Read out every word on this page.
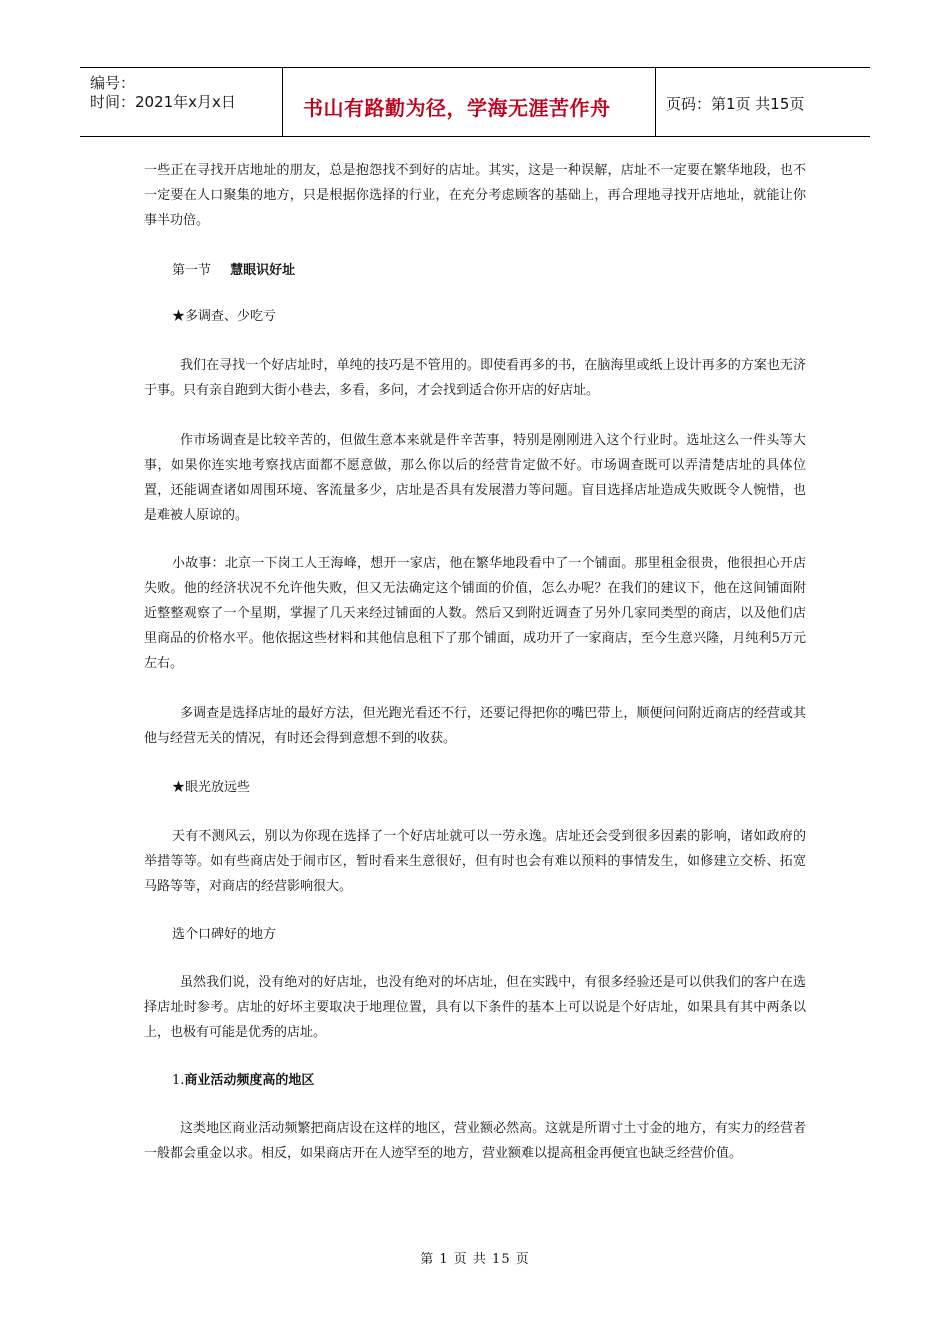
编号：
时间：2021年x月x日	书山有路勤为径，学海无涯苦作舟	页码：第1页 共15页

一些正在寻找开店地址的朋友，总是抱怨找不到好的店址。其实，这是一种误解，店址不一定要在繁华地段，也不一定要在人口聚集的地方，只是根据你选择的行业，在充分考虑顾客的基础上，再合理地寻找开店地址，就能让你事半功倍。

第一节 慧眼识好址
★多调查、少吃亏

我们在寻找一个好店址时，单纯的技巧是不管用的。即使看再多的书，在脑海里或纸上设计再多的方案也无济于事。只有亲自跑到大街小巷去，多看，多问，才会找到适合你开店的好店址。

作市场调查是比较辛苦的，但做生意本来就是件辛苦事，特别是刚刚进入这个行业时。选址这么一件头等大事，如果你连实地考察找店面都不愿意做，那么你以后的经营肯定做不好。市场调查既可以弄清楚店址的具体位置，还能调查诸如周围环境、客流量多少，店址是否具有发展潜力等问题。盲目选择店址造成失败既令人惋惜，也是难被人原谅的。

小故事：北京一下岗工人王海峰，想开一家店，他在繁华地段看中了一个铺面。那里租金很贵，他很担心开店失败。他的经济状况不允许他失败，但又无法确定这个铺面的价值，怎么办呢？在我们的建议下，他在这间铺面附近整整观察了一个星期，掌握了几天来经过铺面的人数。然后又到附近调查了另外几家同类型的商店，以及他们店里商品的价格水平。他依据这些材料和其他信息租下了那个铺面，成功开了一家商店，至今生意兴隆，月纯利5万元左右。

多调查是选择店址的最好方法，但光跑光看还不行，还要记得把你的嘴巴带上，顺便问问附近商店的经营或其他与经营无关的情况，有时还会得到意想不到的收获。

★眼光放远些

天有不测风云，别以为你现在选择了一个好店址就可以一劳永逸。店址还会受到很多因素的影响，诸如政府的举措等等。如有些商店处于闹市区，暂时看来生意很好，但有时也会有难以预料的事情发生，如修建立交桥、拓宽马路等等，对商店的经营影响很大。

选个口碑好的地方

虽然我们说，没有绝对的好店址，也没有绝对的坏店址，但在实践中，有很多经验还是可以供我们的客户在选择店址时参考。店址的好坏主要取决于地理位置，具有以下条件的基本上可以说是个好店址，如果具有其中两条以上，也极有可能是优秀的店址。

1.商业活动频度高的地区

这类地区商业活动频繁把商店设在这样的地区，营业额必然高。这就是所谓寸土寸金的地方，有实力的经营者一般都会重金以求。相反，如果商店开在人迹罕至的地方，营业额难以提高租金再便宜也缺乏经营价值。

第 1 页 共 15 页
